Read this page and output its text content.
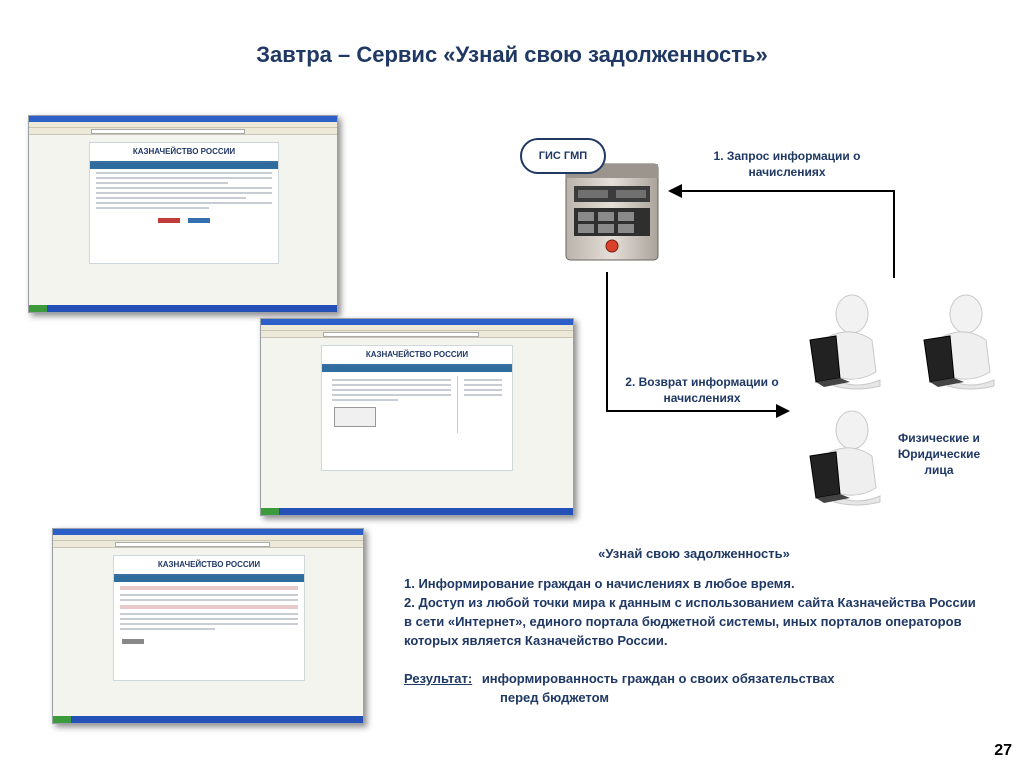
Завтра – Сервис «Узнай свою задолженность»
КАЗНАЧЕЙСТВО РОССИИ
КАЗНАЧЕЙСТВО РОССИИ
КАЗНАЧЕЙСТВО РОССИИ
ГИС ГМП	1. Запрос информации о начислениях
2. Возврат информации о начислениях
Физические и Юридические лица
«Узнай свою задолженность»

1. Информирование граждан о начислениях в любое время.

2. Доступ из любой точки мира к данным с использованием сайта Казначейства России в сети «Интернет», единого портала бюджетной системы, иных порталов операторов которых является Казначейство России.

Результат: информированность граждан о своих обязательствах

перед бюджетом

27
